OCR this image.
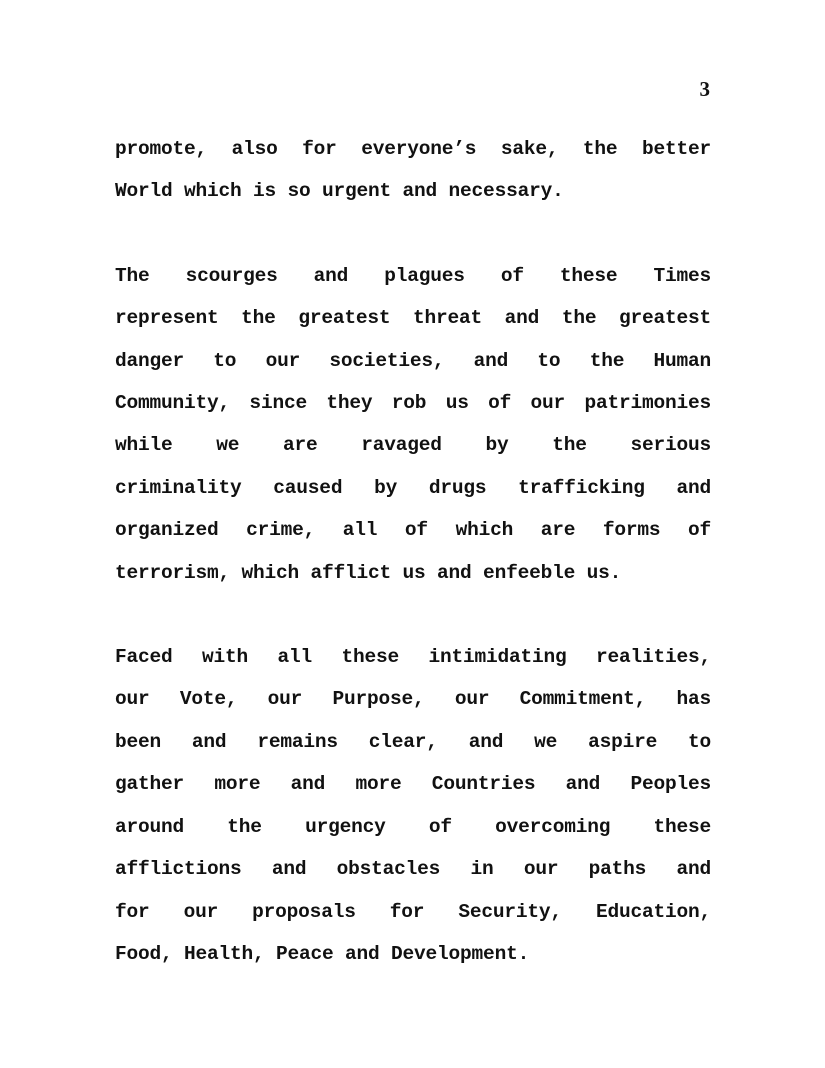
3

promote, also for everyone’s sake, the better
World which is so urgent and necessary.

The scourges and plagues of these Times
represent the greatest threat and the greatest
danger to our societies, and to the Human
Community, since they rob us of our patrimonies
while we are ravaged by the serious
criminality caused by drugs trafficking and
organized crime, all of which are forms of
terrorism, which afflict us and enfeeble us.

Faced with all these intimidating realities,
our Vote, our Purpose, our Commitment, has
been and remains clear, and we aspire to
gather more and more Countries and Peoples
around the urgency of overcoming these
afflictions and obstacles in our paths and
for our proposals for Security, Education,
Food, Health, Peace and Development.
